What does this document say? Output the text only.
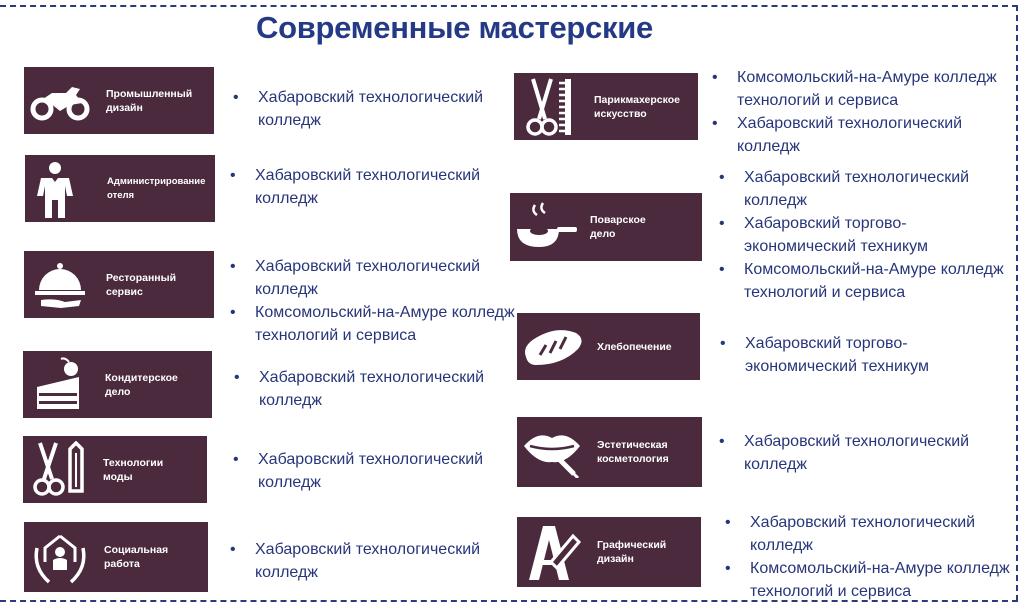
Современные мастерские
Промышленный
дизайн
• Хабаровский технологический колледж
Администрирование
отеля
• Хабаровский технологический колледж
Ресторанный
сервис
• Хабаровский технологический колледж
• Комсомольский-на-Амуре колледж технологий и сервиса
Кондитерское
дело
• Хабаровский технологический колледж
Технологии
моды
• Хабаровский технологический колледж
Социальная
работа
• Хабаровский технологический колледж
Парикмахерское
искусство
• Комсомольский-на-Амуре колледж технологий и сервиса
• Хабаровский технологический колледж
Поварское
дело
• Хабаровский технологический колледж
• Хабаровский торгово-экономический техникум
• Комсомольский-на-Амуре колледж технологий и сервиса
Хлебопечение
•	Хабаровский торгово-экономический техникум
Эстетическая
косметология
• Хабаровский технологический колледж
Графический
дизайн
• Хабаровский технологический колледж
• Комсомольский-на-Амуре колледж технологий и сервиса
